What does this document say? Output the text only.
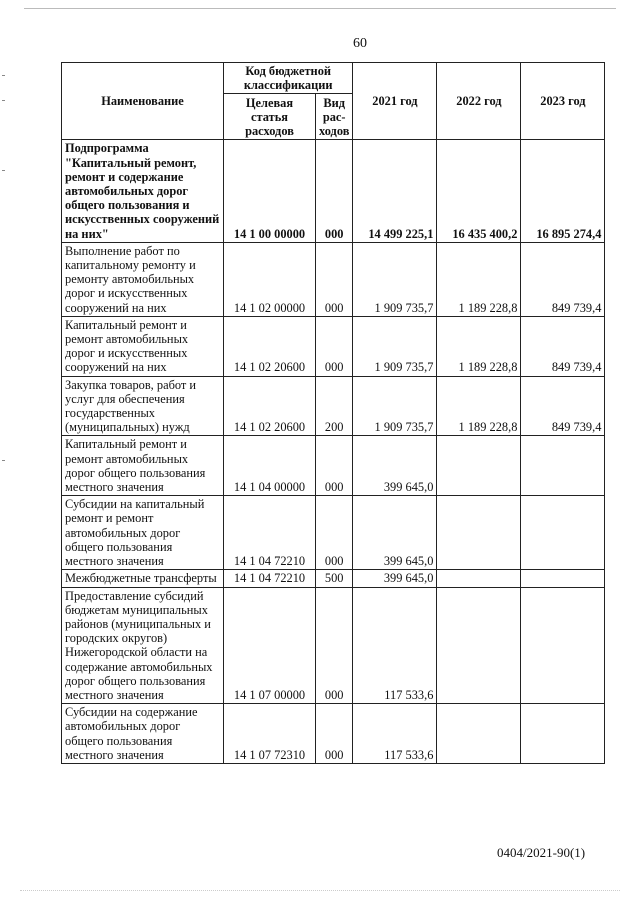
60
Наименование	Код бюджетной классификации		2021 год	2022 год	2023 год
	Целевая статья расходов	Вид рас-ходов			
Подпрограмма "Капитальный ремонт, ремонт и содержание автомобильных дорог общего пользования и искусственных сооружений на них"	14 1 00 00000	000	14 499 225,1	16 435 400,2	16 895 274,4
Выполнение работ по капитальному ремонту и ремонту автомобильных дорог и искусственных сооружений на них	14 1 02 00000	000	1 909 735,7	1 189 228,8	849 739,4
Капитальный ремонт и ремонт автомобильных дорог и искусственных сооружений на них	14 1 02 20600	000	1 909 735,7	1 189 228,8	849 739,4
Закупка товаров, работ и услуг для обеспечения государственных (муниципальных) нужд	14 1 02 20600	200	1 909 735,7	1 189 228,8	849 739,4
Капитальный ремонт и ремонт автомобильных дорог общего пользования местного значения	14 1 04 00000	000	399 645,0		
Субсидии на капитальный ремонт и ремонт автомобильных дорог общего пользования местного значения	14 1 04 72210	000	399 645,0		
Межбюджетные трансферты	14 1 04 72210	500	399 645,0		
Предоставление субсидий бюджетам муниципальных районов (муниципальных и городских округов) Нижегородской области на содержание автомобильных дорог общего пользования местного значения	14 1 07 00000	000	117 533,6		
Субсидии на содержание автомобильных дорог общего пользования местного значения	14 1 07 72310	000	117 533,6		
0404/2021-90(1)
